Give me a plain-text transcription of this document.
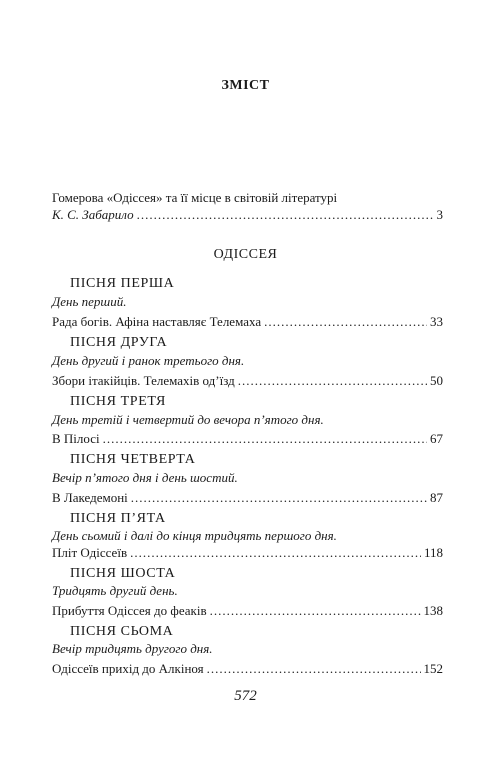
ЗМІСТ
Гомерова «Одіссея» та її місце в світовій літературі
К. С. Забарило .....	3
ОДІССЕЯ
ПІСНЯ ПЕРША
День перший.
Рада богів. Афіна наставляє Телемаха .....	33
ПІСНЯ ДРУГА
День другий і ранок третього дня.
Збори ітакійців. Телемахів од’їзд .....	50
ПІСНЯ ТРЕТЯ
День третій і четвертий до вечора п’ятого дня.
В Пілосі .....	67
ПІСНЯ ЧЕТВЕРТА
Вечір п’ятого дня і день шостий.
В Лакедемоні .....	87
ПІСНЯ П’ЯТА
День сьомий і далі до кінця тридцять першого дня.
Пліт Одіссеїв .....	118
ПІСНЯ ШОСТА
Тридцять другий день.
Прибуття Одіссея до феаків .....	138
ПІСНЯ СЬОМА
Вечір тридцять другого дня.
Одіссеїв прихід до Алкіноя .....	152
572
